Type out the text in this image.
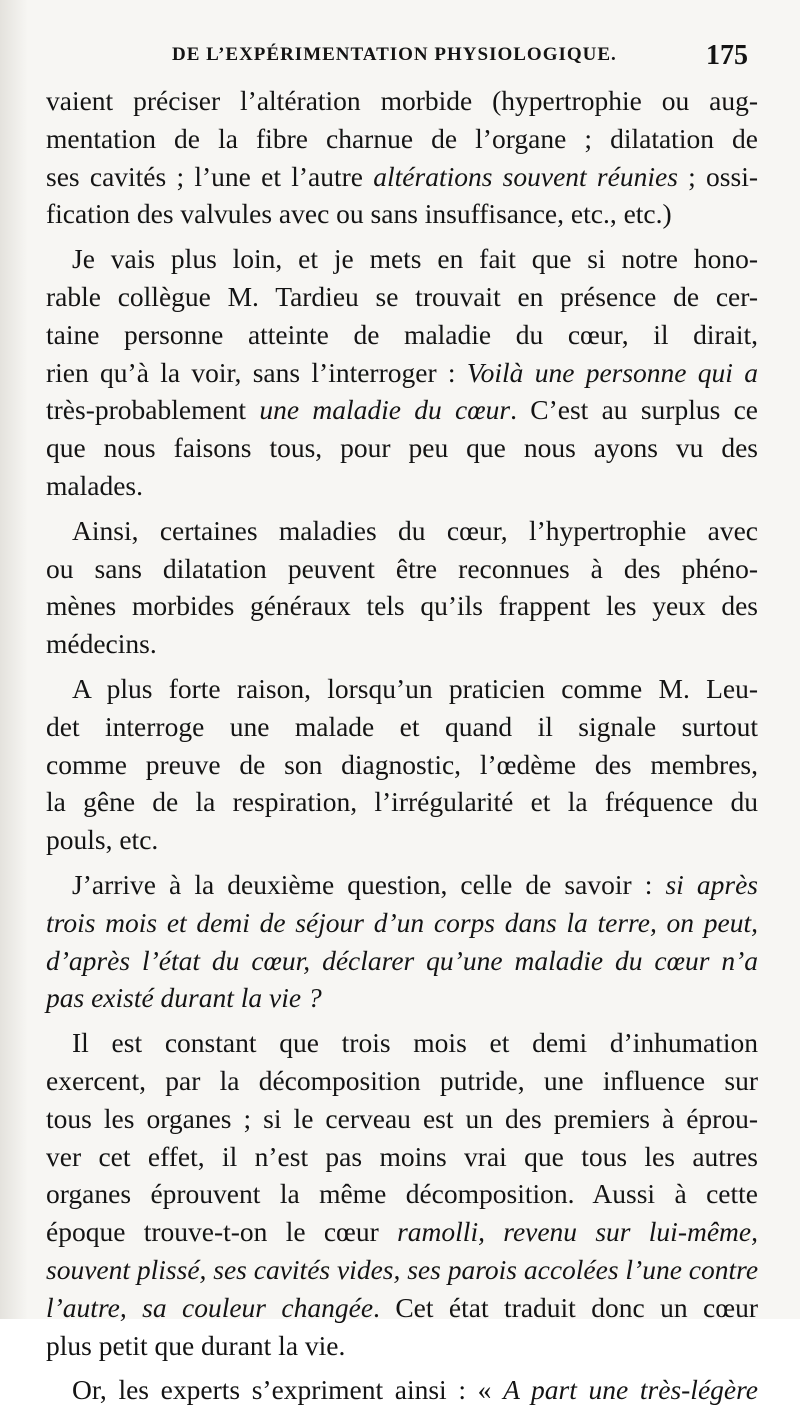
DE L’EXPÉRIMENTATION PHYSIOLOGIQUE.	175

vaient préciser l’altération morbide (hypertrophie ou aug-
mentation de la fibre charnue de l’organe ; dilatation de
ses cavités ; l’une et l’autre altérations souvent réunies ; ossi-
fication des valvules avec ou sans insuffisance, etc., etc.)

Je vais plus loin, et je mets en fait que si notre hono-
rable collègue M. Tardieu se trouvait en présence de cer-
taine personne atteinte de maladie du cœur, il dirait,
rien qu’à la voir, sans l’interroger : Voilà une personne qui a
très-probablement une maladie du cœur. C’est au surplus ce
que nous faisons tous, pour peu que nous ayons vu des
malades.

Ainsi, certaines maladies du cœur, l’hypertrophie avec
ou sans dilatation peuvent être reconnues à des phéno-
mènes morbides généraux tels qu’ils frappent les yeux des
médecins.

A plus forte raison, lorsqu’un praticien comme M. Leu-
det interroge une malade et quand il signale surtout
comme preuve de son diagnostic, l’œdème des membres,
la gêne de la respiration, l’irrégularité et la fréquence du
pouls, etc.

J’arrive à la deuxième question, celle de savoir : si après
trois mois et demi de séjour d’un corps dans la terre, on peut,
d’après l’état du cœur, déclarer qu’une maladie du cœur n’a
pas existé durant la vie ?

Il est constant que trois mois et demi d’inhumation
exercent, par la décomposition putride, une influence sur
tous les organes ; si le cerveau est un des premiers à éprou-
ver cet effet, il n’est pas moins vrai que tous les autres
organes éprouvent la même décomposition. Aussi à cette
époque trouve-t-on le cœur ramolli, revenu sur lui-même,
souvent plissé, ses cavités vides, ses parois accolées l’une contre
l’autre, sa couleur changée. Cet état traduit donc un cœur
plus petit que durant la vie.

Or, les experts s’expriment ainsi : « A part une très-légère
